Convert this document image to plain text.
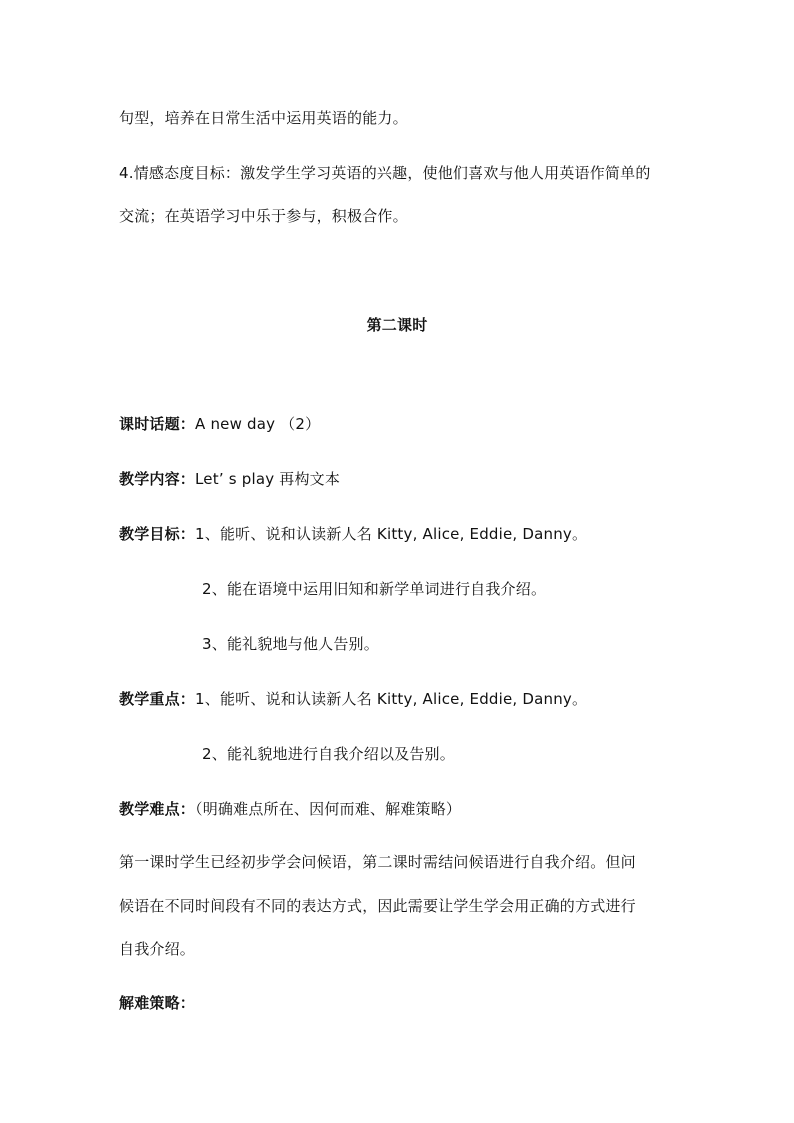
句型，培养在日常生活中运用英语的能力。
4.情感态度目标：激发学生学习英语的兴趣，使他们喜欢与他人用英语作简单的
交流；在英语学习中乐于参与，积极合作。
第二课时
课时话题：A new day （2）
教学内容：Let’ s play 再构文本
教学目标：1、能听、说和认读新人名 Kitty, Alice, Eddie, Danny。
2、能在语境中运用旧知和新学单词进行自我介绍。
3、能礼貌地与他人告别。
教学重点：1、能听、说和认读新人名 Kitty, Alice, Eddie, Danny。
2、能礼貌地进行自我介绍以及告别。
教学难点：（明确难点所在、因何而难、解难策略）
第一课时学生已经初步学会问候语，第二课时需结问候语进行自我介绍。但问
候语在不同时间段有不同的表达方式，因此需要让学生学会用正确的方式进行
自我介绍。
解难策略：
